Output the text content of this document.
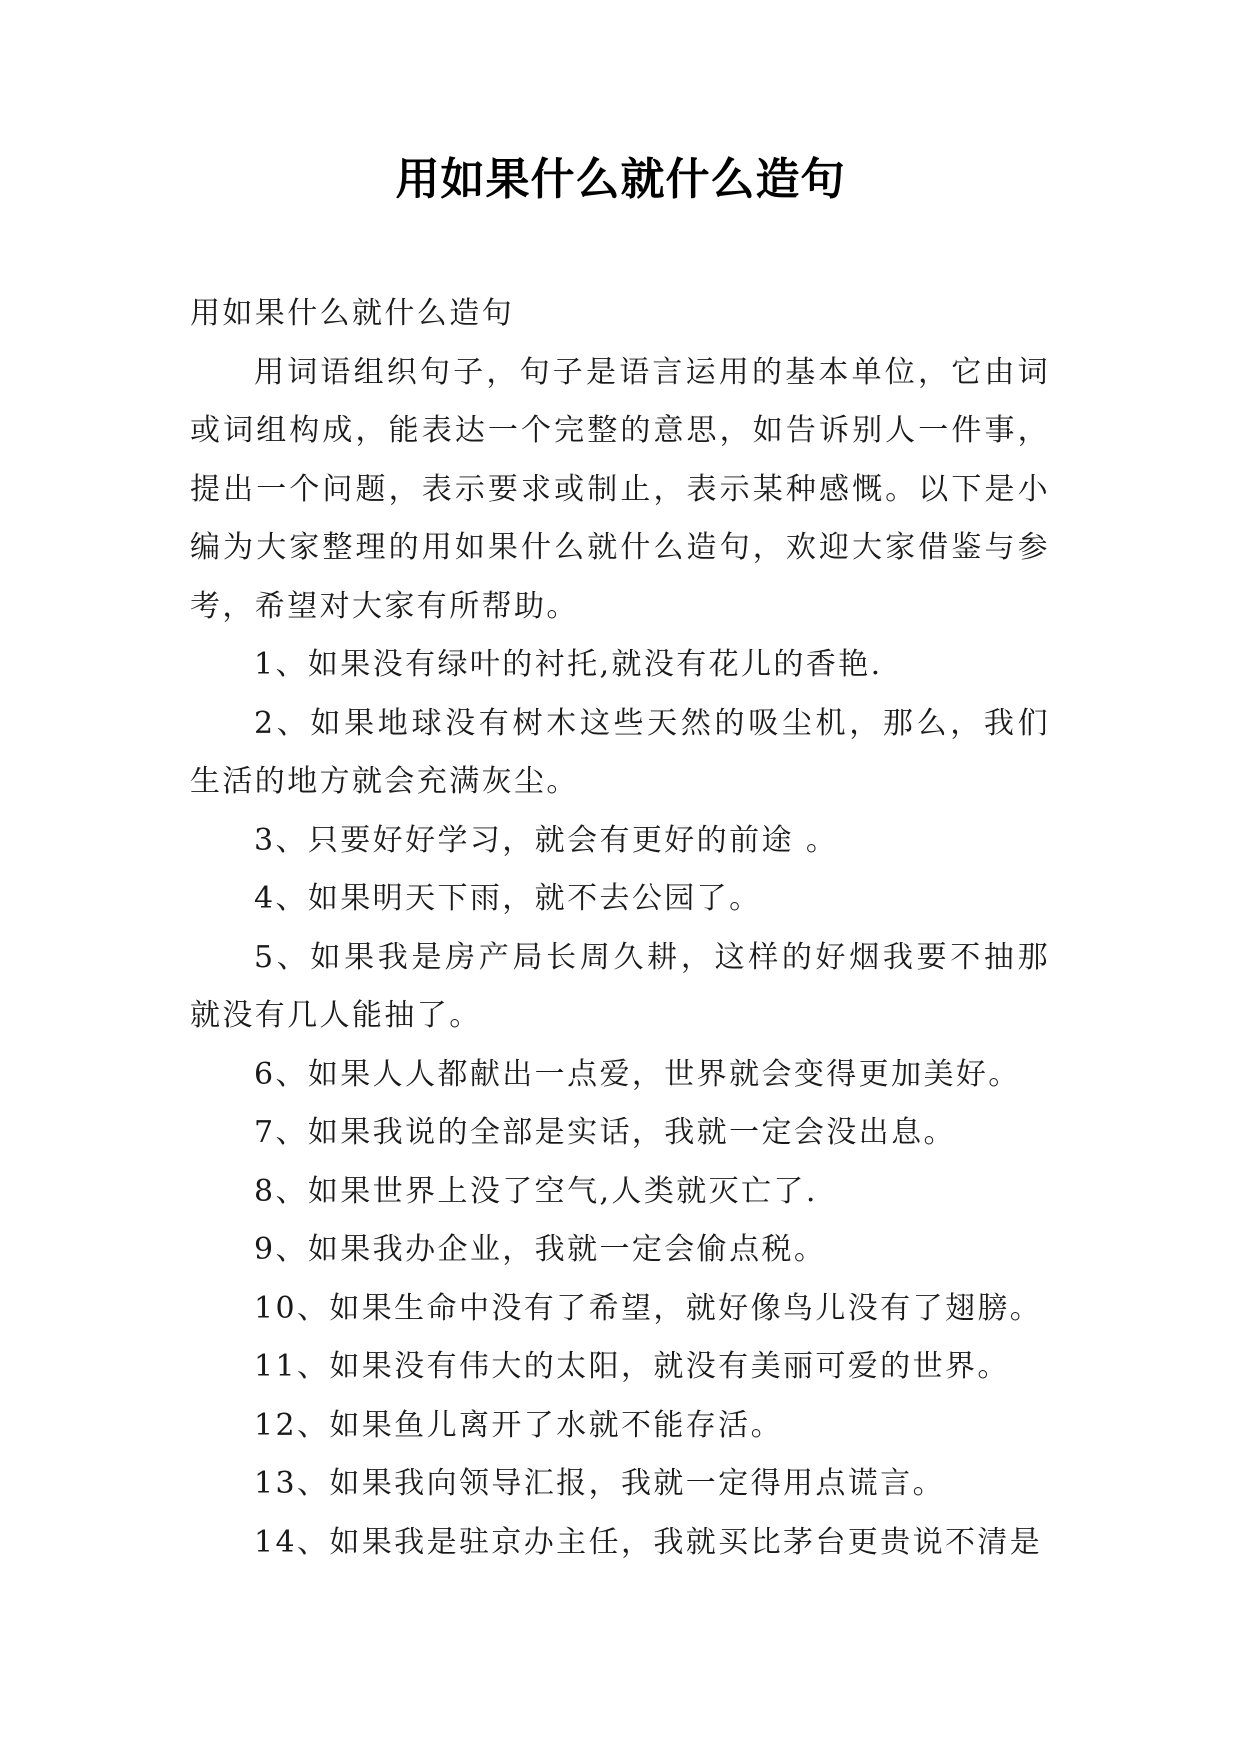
用如果什么就什么造句

用如果什么就什么造句

用词语组织句子，句子是语言运用的基本单位，它由词或词组构成，能表达一个完整的意思，如告诉别人一件事，提出一个问题，表示要求或制止，表示某种感慨。以下是小编为大家整理的用如果什么就什么造句，欢迎大家借鉴与参考，希望对大家有所帮助。

1、如果没有绿叶的衬托,就没有花儿的香艳.

2、如果地球没有树木这些天然的吸尘机，那么，我们生活的地方就会充满灰尘。

3、只要好好学习，就会有更好的前途 。

4、如果明天下雨，就不去公园了。

5、如果我是房产局长周久耕，这样的好烟我要不抽那就没有几人能抽了。

6、如果人人都献出一点爱，世界就会变得更加美好。

7、如果我说的全部是实话，我就一定会没出息。

8、如果世界上没了空气,人类就灭亡了.

9、如果我办企业，我就一定会偷点税。

10、如果生命中没有了希望，就好像鸟儿没有了翅膀。

11、如果没有伟大的太阳，就没有美丽可爱的世界。

12、如果鱼儿离开了水就不能存活。

13、如果我向领导汇报，我就一定得用点谎言。

14、如果我是驻京办主任，我就买比茅台更贵说不清是
